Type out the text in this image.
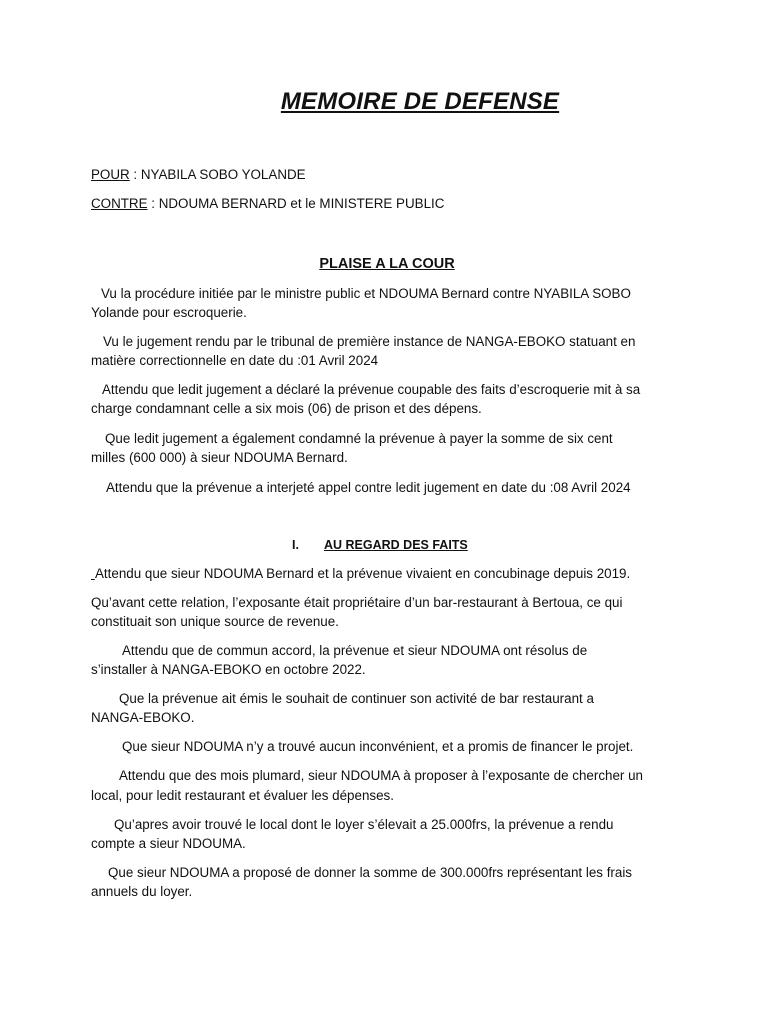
MEMOIRE DE DEFENSE
POUR : NYABILA SOBO YOLANDE
CONTRE : NDOUMA BERNARD et le MINISTERE PUBLIC
PLAISE A LA COUR
Vu la procédure initiée par le ministre public et NDOUMA Bernard contre NYABILA SOBO
Yolande pour escroquerie.
Vu le jugement rendu par le tribunal de première instance de NANGA-EBOKO statuant en
matière correctionnelle en date du :01 Avril 2024
Attendu que ledit jugement a déclaré la prévenue coupable des faits d’escroquerie mit à sa
charge condamnant celle a six mois (06) de prison et des dépens.
Que ledit jugement a également condamné la prévenue à payer la somme de six cent
milles (600 000) à sieur NDOUMA Bernard.
Attendu que la prévenue a interjeté appel contre ledit jugement en date du :08 Avril 2024
I. AU REGARD DES FAITS
Attendu que sieur NDOUMA Bernard et la prévenue vivaient en concubinage depuis 2019.
Qu’avant cette relation, l’exposante était propriétaire d’un bar-restaurant à Bertoua, ce qui
constituait son unique source de revenue.
Attendu que de commun accord, la prévenue et sieur NDOUMA ont résolus de
s’installer à NANGA-EBOKO en octobre 2022.
Que la prévenue ait émis le souhait de continuer son activité de bar restaurant a
NANGA-EBOKO.
Que sieur NDOUMA n’y a trouvé aucun inconvénient, et a promis de financer le projet.
Attendu que des mois plumard, sieur NDOUMA à proposer à l’exposante de chercher un
local, pour ledit restaurant et évaluer les dépenses.
Qu’apres avoir trouvé le local dont le loyer s’élevait a 25.000frs, la prévenue a rendu
compte a sieur NDOUMA.
Que sieur NDOUMA a proposé de donner la somme de 300.000frs représentant les frais
annuels du loyer.
